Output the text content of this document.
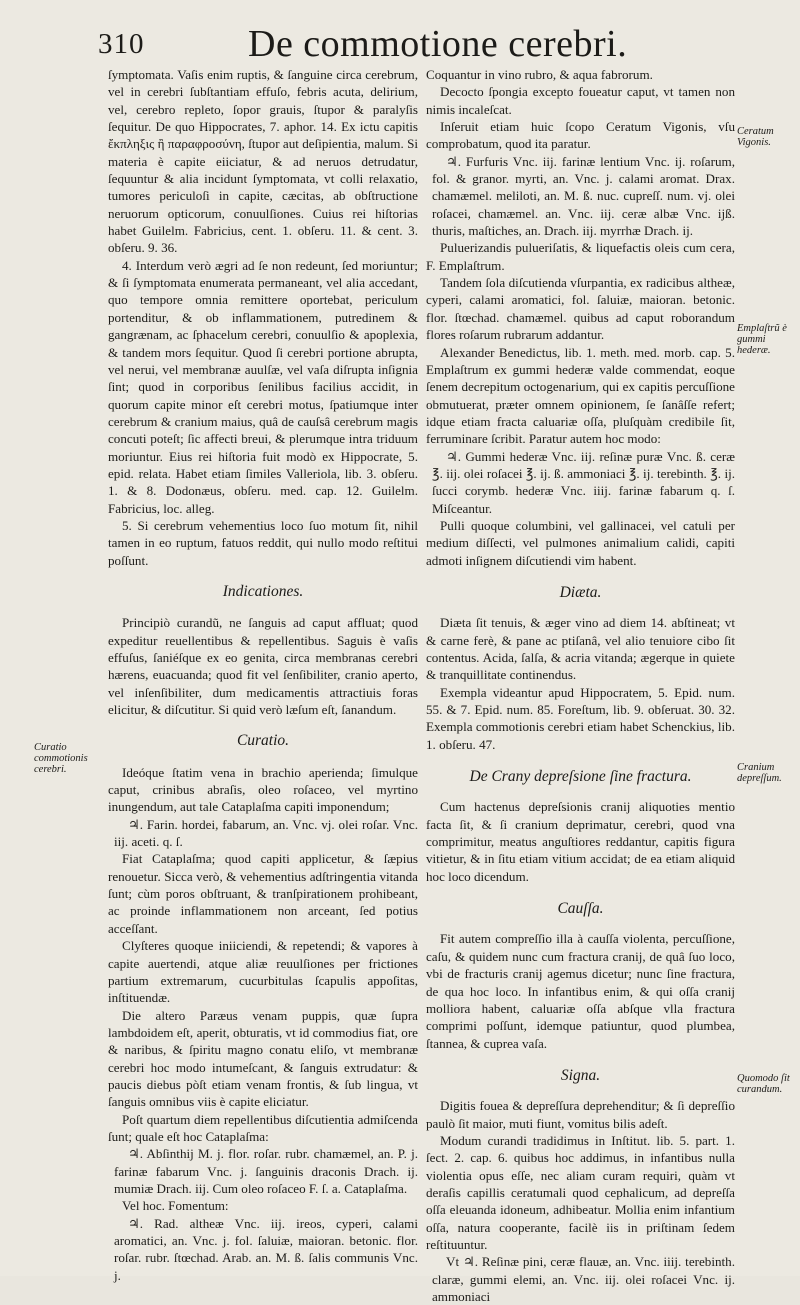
310	De commotione cerebri.

ſymptomata. Vaſis enim ruptis, & ſanguine circa cerebrum, vel in cerebri ſubſtantiam effuſo, febris acuta, delirium, vel, cerebro repleto, ſopor grauis, ſtupor & paralyſis ſequitur. De quo Hippocrates, 7. aphor. 14. Ex ictu capitis ἔκπληξις ἢ παραφροσύνη, ſtupor aut deſipientia, malum. Si materia è capite eiiciatur, & ad neruos detrudatur, ſequuntur & alia incidunt ſymptomata, vt colli relaxatio, tumores periculoſi in capite, cæcitas, ab obſtructione neruorum opticorum, conuulſiones. Cuius rei hiſtorias habet Guilelm. Fabricius, cent. 1. obſeru. 11. & cent. 3. obſeru. 9. 36.

4. Interdum verò ægri ad ſe non redeunt, ſed moriuntur; & ſi ſymptomata enumerata permaneant, vel alia accedant, quo tempore omnia remittere oportebat, periculum portenditur, & ob inflammationem, putredinem & gangrænam, ac ſphacelum cerebri, conuulſio & apoplexia, & tandem mors ſequitur. Quod ſi cerebri portione abrupta, vel nerui, vel membranæ auulſæ, vel vaſa diſrupta inſignia ſint; quod in corporibus ſenilibus facilius accidit, in quorum capite minor eſt cerebri motus, ſpatiumque inter cerebrum & cranium maius, quâ de cauſsâ cerebrum magis concuti poteſt; ſic affecti breui, & plerumque intra triduum moriuntur. Eius rei hiſtoria fuit modò ex Hippocrate, 5. epid. relata. Habet etiam ſimiles Valleriola, lib. 3. obſeru. 1. & 8. Dodonæus, obſeru. med. cap. 12. Guilelm. Fabricius, loc. alleg.

5. Si cerebrum vehementius loco ſuo motum ſit, nihil tamen in eo ruptum, fatuos reddit, qui nullo modo reſtitui poſſunt.

Indicationes.

Principiò curandũ, ne ſanguis ad caput affluat; quod expeditur reuellentibus & repellentibus. Saguis è vaſis effuſus, ſaniéſque ex eo genita, circa membranas cerebri hærens, euacuanda; quod fit vel ſenſibiliter, cranio aperto, vel inſenſibiliter, dum medicamentis attractiuis foras elicitur, & diſcutitur. Si quid verò læſum eſt, ſanandum.

Curatio.

Ideóque ſtatim vena in brachio aperienda; ſimulque caput, crinibus abraſis, oleo roſaceo, vel myrtino inungendum, aut tale Cataplaſma capiti imponendum;

♃. Farin. hordei, fabarum, an. Vnc. vj. olei roſar. Vnc. iij. aceti. q. ſ.

Fiat Cataplaſma; quod capiti applicetur, & ſæpius renouetur. Sicca verò, & vehementius adſtringentia vitanda ſunt; cùm poros obſtruant, & tranſpirationem prohibeant, ac proinde inflammationem non arceant, ſed potius acceſſant.

Clyſteres quoque iniiciendi, & repetendi; & vapores à capite auertendi, atque aliæ reuulſiones per frictiones partium extremarum, cucurbitulas ſcapulis appoſitas, inſtituendæ.

Die altero Paræus venam puppis, quæ ſupra lambdoidem eſt, aperit, obturatis, vt id commodius fiat, ore & naribus, & ſpiritu magno conatu eliſo, vt membranæ cerebri hoc modo intumeſcant, & ſanguis extrudatur: & paucis diebus pòſt etiam venam frontis, & ſub lingua, vt ſanguis omnibus viis è capite eliciatur.

Poſt quartum diem repellentibus diſcutientia admiſcenda ſunt; quale eſt hoc Cataplaſma:

♃. Abſinthij M. j. flor. roſar. rubr. chamæmel, an. P. j. farinæ fabarum Vnc. j. ſanguinis draconis Drach. ij. mumiæ Drach. iij. Cum oleo roſaceo F. ſ. a. Cataplaſma.

Vel hoc. Fomentum:

♃. Rad. altheæ Vnc. iij. ireos, cyperi, calami aromatici, an. Vnc. j. fol. ſaluiæ, maioran. betonic. flor. roſar. rubr. ſtœchad. Arab. an. M. ß. ſalis communis Vnc. j.

Coquantur in vino rubro, & aqua fabrorum.

Decocto ſpongia excepto foueatur caput, vt tamen non nimis incaleſcat.

Inſeruit etiam huic ſcopo Ceratum Vigonis, vſu comprobatum, quod ita paratur.

♃. Furfuris Vnc. iij. farinæ lentium Vnc. ij. roſarum, fol. & granor. myrti, an. Vnc. j. calami aromat. Drax. chamæmel. meliloti, an. M. ß. nuc. cupreſſ. num. vj. olei roſacei, chamæmel. an. Vnc. iij. ceræ albæ Vnc. ijß. thuris, maſtiches, an. Drach. iij. myrrhæ Drach. ij.

Puluerizandis pulueriſatis, & liquefactis oleis cum cera, F. Emplaſtrum.

Tandem ſola diſcutienda vſurpantia, ex radicibus altheæ, cyperi, calami aromatici, fol. ſaluiæ, maioran. betonic. flor. ſtœchad. chamæmel. quibus ad caput roborandum flores roſarum rubrarum addantur.

Alexander Benedictus, lib. 1. meth. med. morb. cap. 5. Emplaſtrum ex gummi hederæ valde commendat, eoque ſenem decrepitum octogenarium, qui ex capitis percuſſione obmutuerat, præter omnem opinionem, ſe ſanâſſe refert; idque etiam fracta caluariæ oſſa, pluſquàm credibile ſit, ferruminare ſcribit. Paratur autem hoc modo:

♃. Gummi hederæ Vnc. iij. reſinæ puræ Vnc. ß. ceræ ℥. iij. olei roſacei ℥. ij. ß. ammoniaci ℥. ij. terebinth. ℥. ij. ſucci corymb. hederæ Vnc. iiij. farinæ fabarum q. ſ. Miſceantur.

Pulli quoque columbini, vel gallinacei, vel catuli per medium diſſecti, vel pulmones animalium calidi, capiti admoti inſignem diſcutiendi vim habent.

Diæta.

Diæta ſit tenuis, & æger vino ad diem 14. abſtineat; vt & carne ferè, & pane ac ptiſanâ, vel alio tenuiore cibo ſit contentus. Acida, ſalſa, & acria vitanda; ægerque in quiete & tranquillitate continendus.

Exempla videantur apud Hippocratem, 5. Epid. num. 55. & 7. Epid. num. 85. Foreſtum, lib. 9. obſeruat. 30. 32. Exempla commotionis cerebri etiam habet Schenckius, lib. 1. obſeru. 47.

De Crany depreſsione ſine fractura.

Cum hactenus depreſsionis cranij aliquoties mentio facta ſit, & ſi cranium deprimatur, cerebri, quod vna comprimitur, meatus anguſtiores reddantur, capitis figura vitietur, & in ſitu etiam vitium accidat; de ea etiam aliquid hoc loco dicendum.

Cauſſa.

Fit autem compreſſio illa à cauſſa violenta, percuſſione, caſu, & quidem nunc cum fractura cranij, de quâ ſuo loco, vbi de fracturis cranij agemus dicetur; nunc ſine fractura, de qua hoc loco. In infantibus enim, & qui oſſa cranij molliora habent, caluariæ oſſa abſque vlla fractura comprimi poſſunt, idemque patiuntur, quod plumbea, ſtannea, & cuprea vaſa.

Signa.

Digitis fouea & depreſſura deprehenditur; & ſi depreſſio paulò ſit maior, muti fiunt, vomitus bilis adeſt.

Modum curandi tradidimus in Inſtitut. lib. 5. part. 1. ſect. 2. cap. 6. quibus hoc addimus, in infantibus nulla violentia opus eſſe, nec aliam curam requiri, quàm vt deraſis capillis ceratumali quod cephalicum, ad depreſſa oſſa eleuanda idoneum, adhibeatur. Mollia enim infantium oſſa, natura cooperante, facilè iis in priſtinam ſedem reſtituuntur.

Vt ♃. Reſinæ pini, ceræ flauæ, an. Vnc. iiij. terebinth. claræ, gummi elemi, an. Vnc. iij. olei roſacei Vnc. ij. ammoniaci

Curatio commotionis cerebri.
Ceratum Vigonis.
Emplaſtrũ è gummi hederæ.
Cranium depreſſum.
Quomodo ſit curandum.
